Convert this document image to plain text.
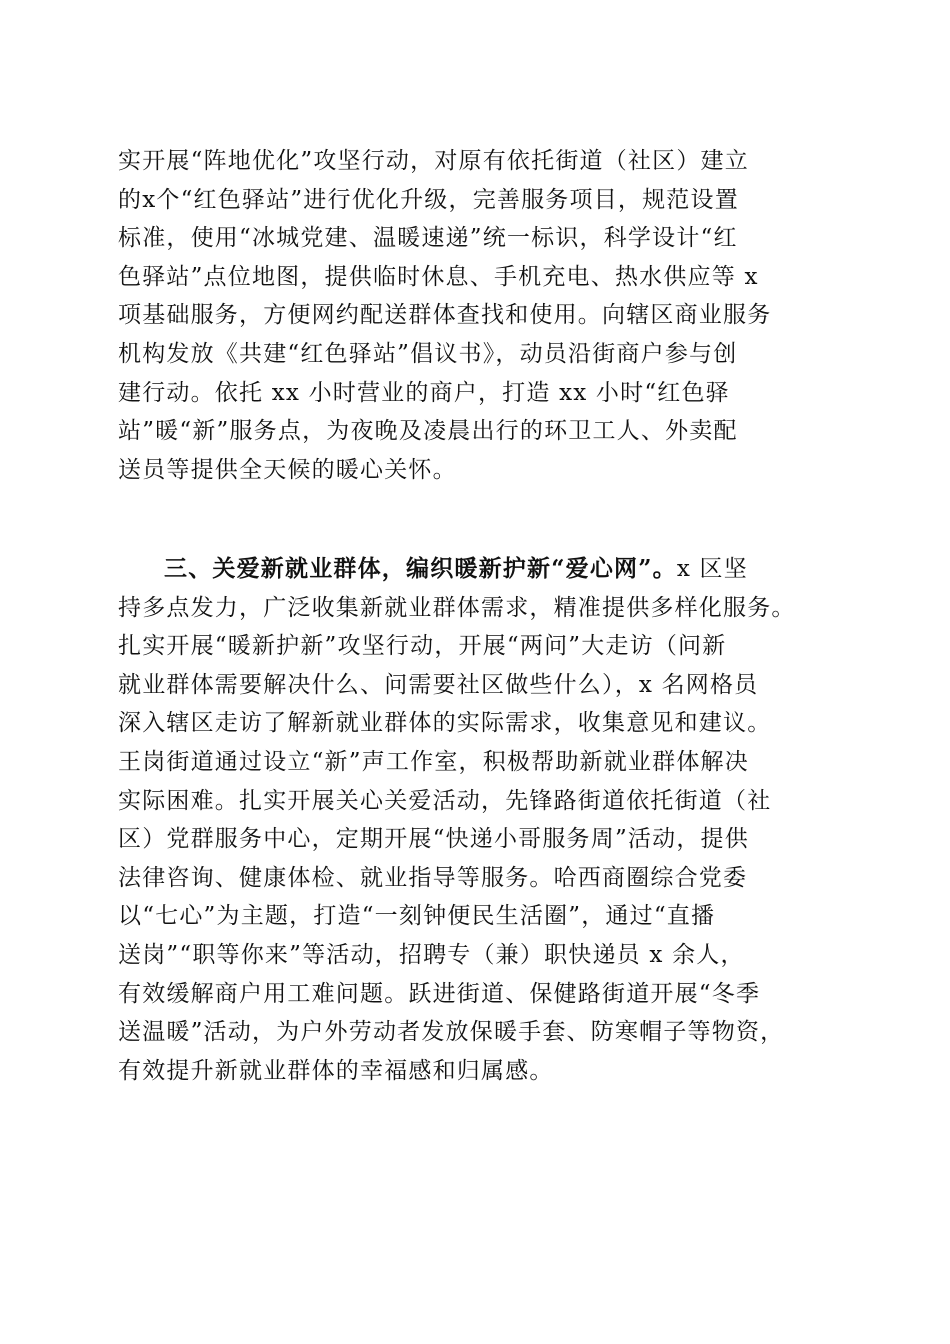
实开展“阵地优化”攻坚行动，对原有依托街道（社区）建立
的x个“红色驿站”进行优化升级，完善服务项目，规范设置
标准，使用“冰城党建、温暖速递”统一标识，科学设计“红
色驿站”点位地图，提供临时休息、手机充电、热水供应等 x
项基础服务，方便网约配送群体查找和使用。向辖区商业服务
机构发放《共建“红色驿站”倡议书》，动员沿街商户参与创
建行动。依托 xx 小时营业的商户，打造 xx 小时“红色驿
站”暖“新”服务点，为夜晚及凌晨出行的环卫工人、外卖配
送员等提供全天候的暖心关怀。
三、关爱新就业群体，编织暖新护新“爱心网”。x 区坚
持多点发力，广泛收集新就业群体需求，精准提供多样化服务。
扎实开展“暖新护新”攻坚行动，开展“两问”大走访（问新
就业群体需要解决什么、问需要社区做些什么），x 名网格员
深入辖区走访了解新就业群体的实际需求，收集意见和建议。
王岗街道通过设立“新”声工作室，积极帮助新就业群体解决
实际困难。扎实开展关心关爱活动，先锋路街道依托街道（社
区）党群服务中心，定期开展“快递小哥服务周”活动，提供
法律咨询、健康体检、就业指导等服务。哈西商圈综合党委
以“七心”为主题，打造“一刻钟便民生活圈”，通过“直播
送岗”“职等你来”等活动，招聘专（兼）职快递员 x 余人，
有效缓解商户用工难问题。跃进街道、保健路街道开展“冬季
送温暖”活动，为户外劳动者发放保暖手套、防寒帽子等物资，
有效提升新就业群体的幸福感和归属感。
